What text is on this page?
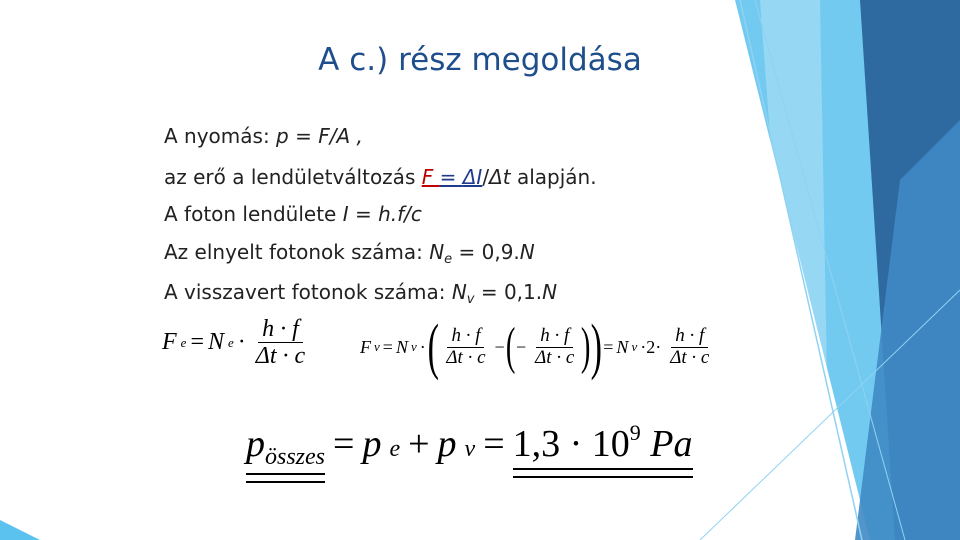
A c.) rész megoldása
A nyomás: p = F/A ,
az erő a lendületváltozás F = ΔI/Δt alapján.
A foton lendülete I = h.f/c
Az elnyelt fotonok száma: $N_e = 0,9.N$
A visszavert fotonok száma: $N_v = 0,1.N$
F e = N $e \cdot \frac{h \cdot f}{\Delta t \cdot c}$	F v = N v · ( $\frac{h \cdot f}{\Delta t \cdot c}$ − ( − $\frac{h \cdot f}{\Delta t \cdot c}$ ) ) = N $v \cdot 2\cdot \frac{h \cdot f}{\Delta t \cdot c}$
$p_{összes} = p$ e + p $v = 1,3 \cdot 10^9$ Pa
